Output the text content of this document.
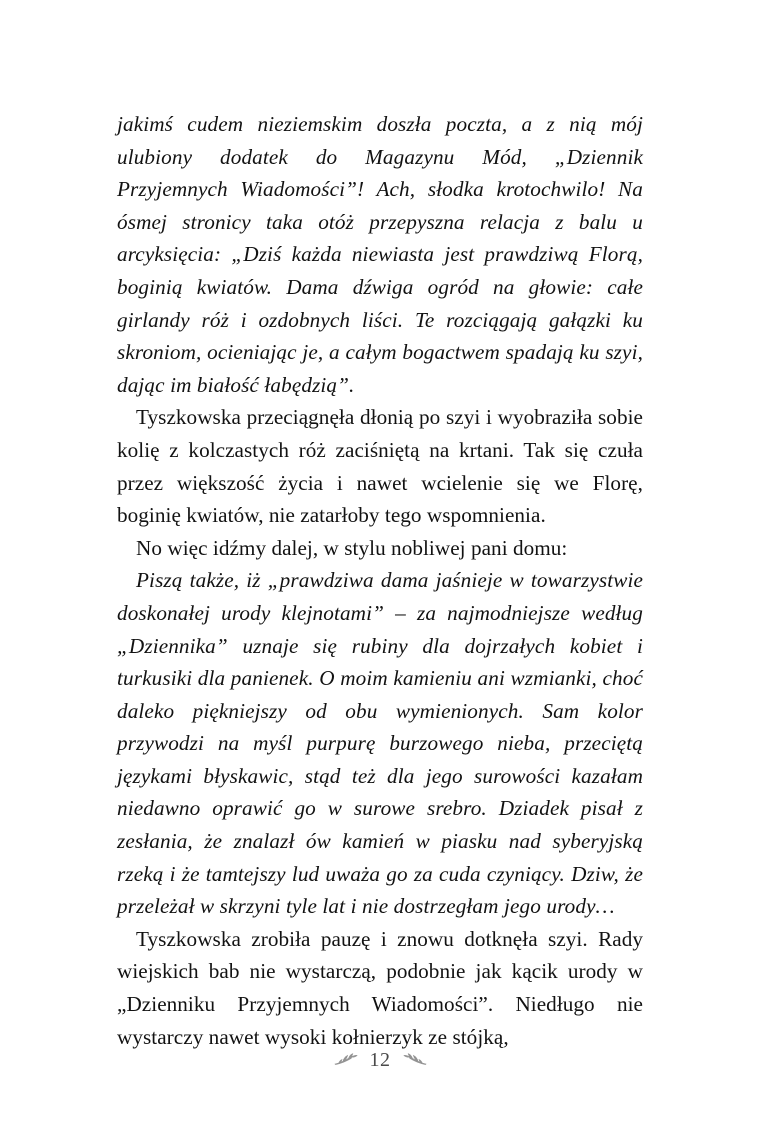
jakimś cudem nieziemskim doszła poczta, a z nią mój ulubiony dodatek do Magazynu Mód, „Dziennik Przyjemnych Wiadomości”! Ach, słodka krotochwilo! Na ósmej stronicy taka otóż przepyszna relacja z balu u arcyksięcia: „Dziś każda niewiasta jest prawdziwą Florą, boginią kwiatów. Dama dźwiga ogród na głowie: całe girlandy róż i ozdobnych liści. Te rozciągają gałązki ku skroniom, ocieniając je, a całym bogactwem spadają ku szyi, dając im białość łabędzią”.

Tyszkowska przeciągnęła dłonią po szyi i wyobraziła sobie kolię z kolczastych róż zaciśniętą na krtani. Tak się czuła przez większość życia i nawet wcielenie się we Florę, boginię kwiatów, nie zatarłoby tego wspomnienia.

No więc idźmy dalej, w stylu nobliwej pani domu:

Piszą także, iż „prawdziwa dama jaśnieje w towarzystwie doskonałej urody klejnotami” – za najmodniejsze według „Dziennika” uznaje się rubiny dla dojrzałych kobiet i turkusiki dla panienek. O moim kamieniu ani wzmianki, choć daleko piękniejszy od obu wymienionych. Sam kolor przywodzi na myśl purpurę burzowego nieba, przeciętą językami błyskawic, stąd też dla jego surowości kazałam niedawno oprawić go w surowe srebro. Dziadek pisał z zesłania, że znalazł ów kamień w piasku nad syberyjską rzeką i że tamtejszy lud uważa go za cuda czyniący. Dziw, że przeleżał w skrzyni tyle lat i nie dostrzegłam jego urody…

Tyszkowska zrobiła pauzę i znowu dotknęła szyi. Rady wiejskich bab nie wystarczą, podobnie jak kącik urody w „Dzienniku Przyjemnych Wiadomości”. Niedługo nie wystarczy nawet wysoki kołnierzyk ze stójką,

12
